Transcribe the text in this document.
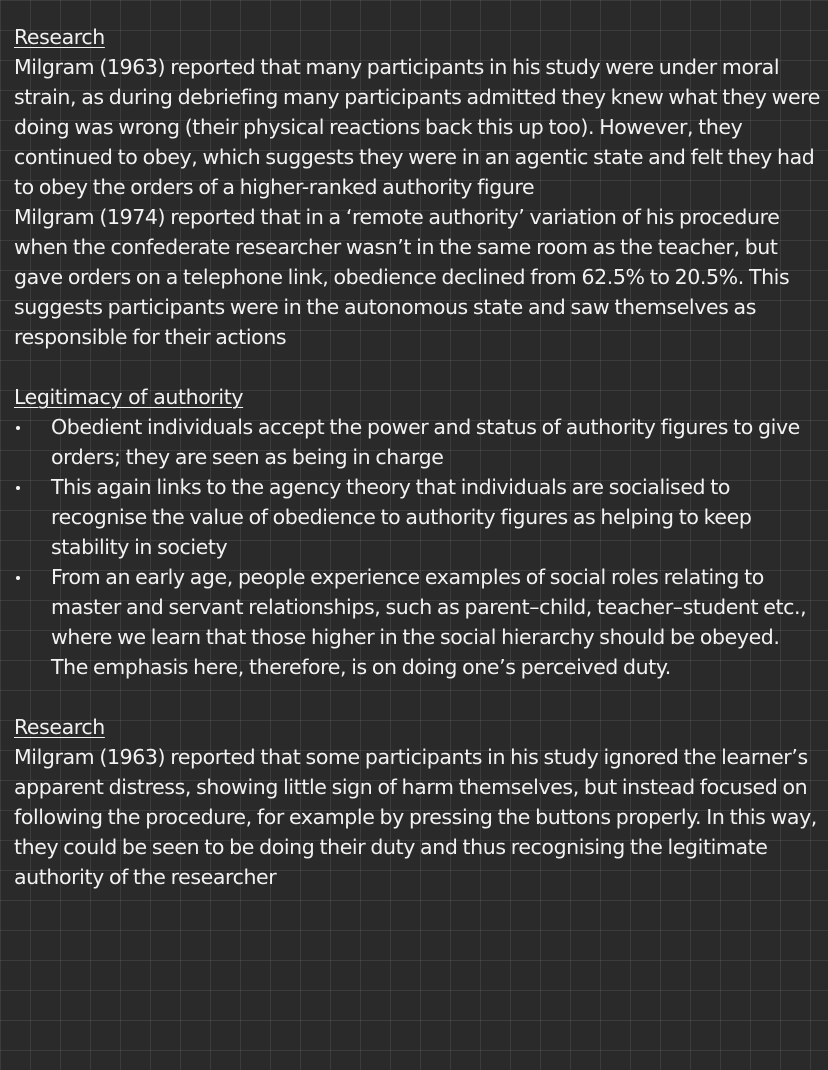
Research

Milgram (1963) reported that many participants in his study were under moral strain, as during debriefing many participants admitted they knew what they were doing was wrong (their physical reactions back this up too). However, they continued to obey, which suggests they were in an agentic state and felt they had to obey the orders of a higher-ranked authority figure

Milgram (1974) reported that in a ‘remote authority’ variation of his procedure when the confederate researcher wasn’t in the same room as the teacher, but gave orders on a telephone link, obedience declined from 62.5% to 20.5%. This suggests participants were in the autonomous state and saw themselves as responsible for their actions

Legitimacy of authority

Obedient individuals accept the power and status of authority figures to give orders; they are seen as being in charge
This again links to the agency theory that individuals are socialised to recognise the value of obedience to authority figures as helping to keep stability in society
From an early age, people experience examples of social roles relating to master and servant relationships, such as parent–child, teacher–student etc., where we learn that those higher in the social hierarchy should be obeyed. The emphasis here, therefore, is on doing one’s perceived duty.

Research

Milgram (1963) reported that some participants in his study ignored the learner’s apparent distress, showing little sign of harm themselves, but instead focused on following the procedure, for example by pressing the buttons properly. In this way, they could be seen to be doing their duty and thus recognising the legitimate authority of the researcher
